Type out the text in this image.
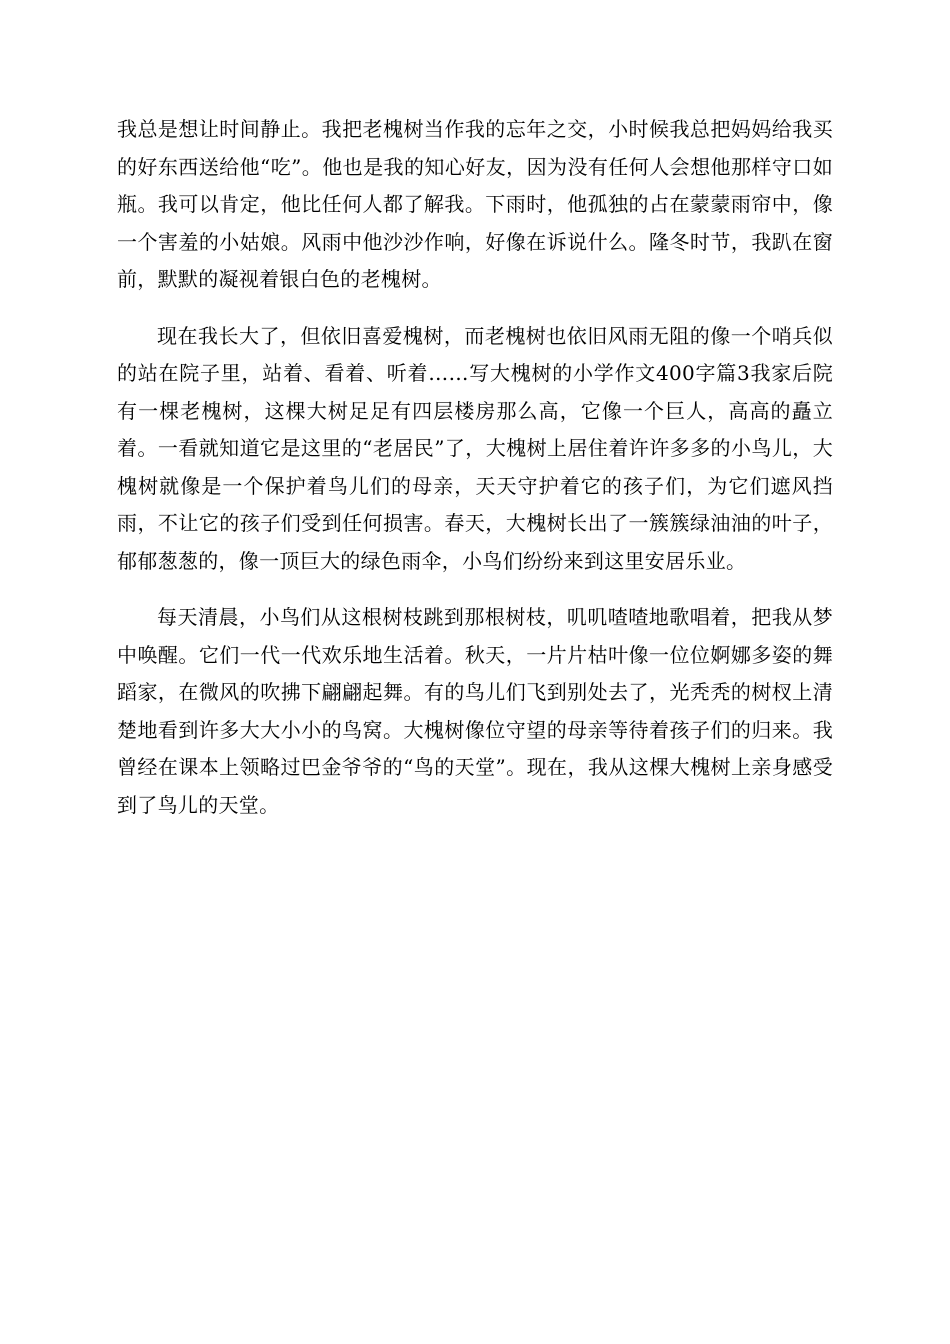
我总是想让时间静止。我把老槐树当作我的忘年之交，小时候我总把妈妈给我买的好东西送给他“吃”。他也是我的知心好友，因为没有任何人会想他那样守口如瓶。我可以肯定，他比任何人都了解我。下雨时，他孤独的占在蒙蒙雨帘中，像一个害羞的小姑娘。风雨中他沙沙作响，好像在诉说什么。隆冬时节，我趴在窗前，默默的凝视着银白色的老槐树。

现在我长大了，但依旧喜爱槐树，而老槐树也依旧风雨无阻的像一个哨兵似的站在院子里，站着、看着、听着……写大槐树的小学作文400字篇3我家后院有一棵老槐树，这棵大树足足有四层楼房那么高，它像一个巨人，高高的矗立着。一看就知道它是这里的“老居民”了，大槐树上居住着许许多多的小鸟儿，大槐树就像是一个保护着鸟儿们的母亲，天天守护着它的孩子们，为它们遮风挡雨，不让它的孩子们受到任何损害。春天，大槐树长出了一簇簇绿油油的叶子，郁郁葱葱的，像一顶巨大的绿色雨伞，小鸟们纷纷来到这里安居乐业。

每天清晨，小鸟们从这根树枝跳到那根树枝，叽叽喳喳地歌唱着，把我从梦中唤醒。它们一代一代欢乐地生活着。秋天，一片片枯叶像一位位婀娜多姿的舞蹈家，在微风的吹拂下翩翩起舞。有的鸟儿们飞到别处去了，光秃秃的树杈上清楚地看到许多大大小小的鸟窝。大槐树像位守望的母亲等待着孩子们的归来。我曾经在课本上领略过巴金爷爷的“鸟的天堂”。现在，我从这棵大槐树上亲身感受到了鸟儿的天堂。
